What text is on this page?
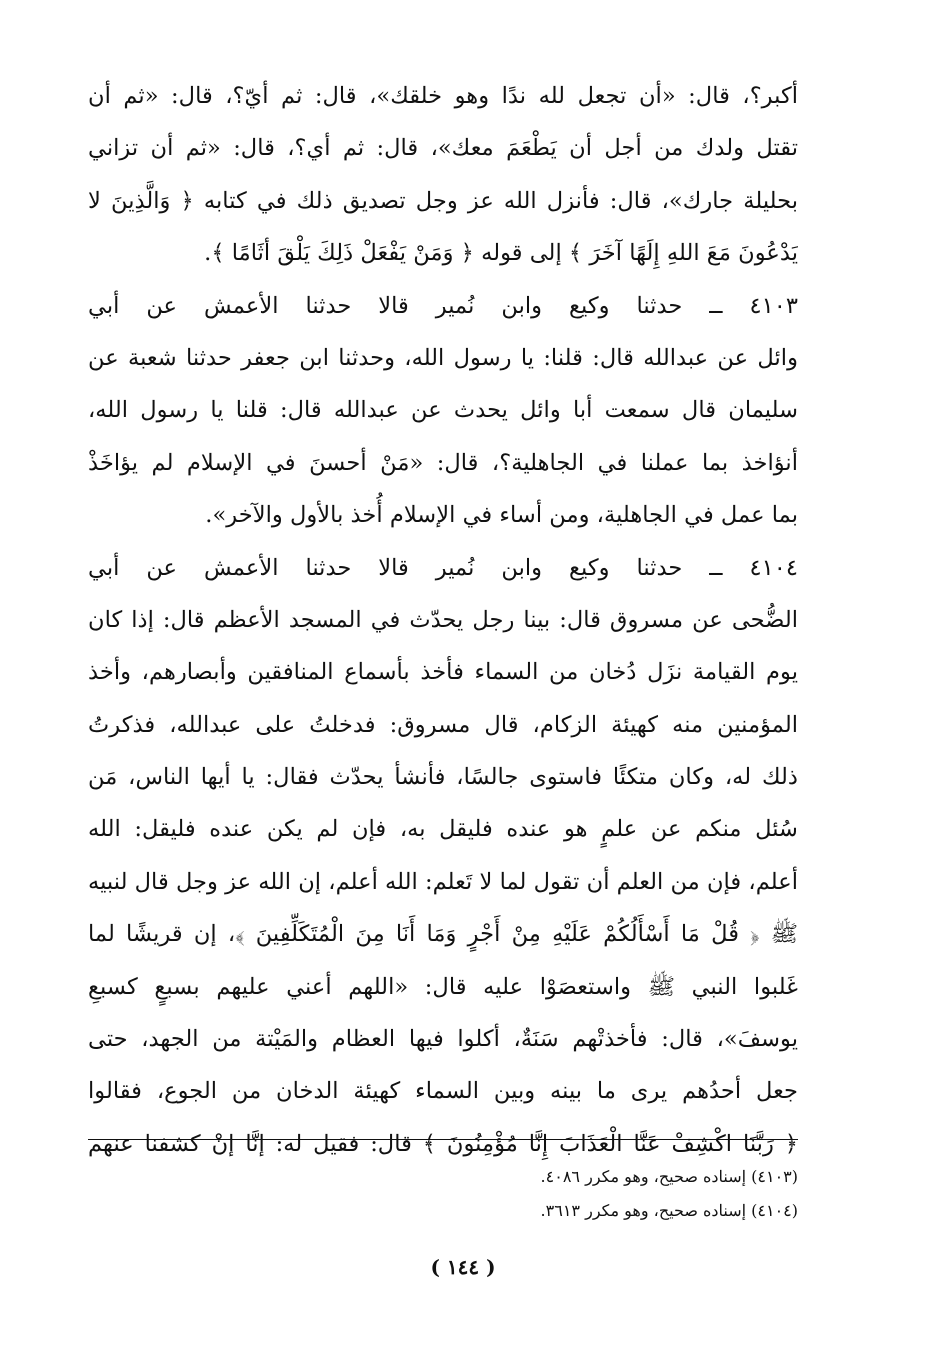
أكبر؟، قال: «أن تجعل لله ندًا وهو خلقك»، قال: ثم أيّ؟، قال: «ثم أن
تقتل ولدك من أجل أن يَطْعَمَ معك»، قال: ثم أي؟، قال: «ثم أن تزاني
بحليلة جارك»، قال: فأنزل الله عز وجل تصديق ذلك في كتابه ﴿ وَالَّذِينَ لا
يَدْعُونَ مَعَ اللهِ إِلَهًا آخَرَ ﴾ إلى قوله ﴿ وَمَنْ يَفْعَلْ ذَلِكَ يَلْقَ أثَامًا ﴾.
٤١٠٣ ــ حدثنا وكيع وابن نُمير قالا حدثنا الأعمش عن أبي
وائل عن عبدالله قال: قلنا: يا رسول الله، وحدثنا ابن جعفر حدثنا شعبة عن
سليمان قال سمعت أبا وائل يحدث عن عبدالله قال: قلنا يا رسول الله،
أنؤاخذ بما عملنا في الجاهلية؟، قال: «مَنْ أحسنَ في الإسلام لم يؤاخَذْ
بما عمل في الجاهلية، ومن أساء في الإسلام أُخذ بالأول والآخر».
٤١٠٤ ــ حدثنا وكيع وابن نُمير قالا حدثنا الأعمش عن أبي
الضُّحى عن مسروق قال: بينا رجل يحدّث في المسجد الأعظم قال: إذا كان
يوم القيامة نزَل دُخان من السماء فأخذ بأسماع المنافقين وأبصارهم، وأخذ
المؤمنين منه كهيئة الزكام، قال مسروق: فدخلتُ على عبدالله، فذكرتُ
ذلك له، وكان متكئًا فاستوى جالسًا، فأنشأ يحدّث فقال: يا أيها الناس، مَن
سُئل منكم عن علمٍ هو عنده فليقل به، فإن لم يكن عنده فليقل: الله
أعلم، فإن من العلم أن تقول لما لا تَعلم: الله أعلم، إن الله عز وجل قال لنبيه
ﷺ ﴿ قُلْ مَا أَسْأَلُكُمْ عَلَيْهِ مِنْ أَجْرٍ وَمَا أَنَا مِنَ الْمُتَكَلِّفِينَ ﴾، إن قريشًا لما
غَلبوا النبي ﷺ واستعصَوْا عليه قال: «اللهم أعني عليهم بسبعٍ كسبعِ
يوسفَ»، قال: فأخذتْهم سَنَةٌ، أكلوا فيها العظام والمَيْتة من الجهد، حتى
جعل أحدُهم يرى ما بينه وبين السماء كهيئة الدخان من الجوع، فقالوا
﴿ رَبَّنَا اكْشِفْ عَنَّا الْعَذَابَ إِنَّا مُؤْمِنُونَ ﴾ قال: فقيل له: إنَّا إنْ كشفنا عنهم
(٤١٠٣) إسناده صحيح، وهو مكرر ٤٠٨٦.
(٤١٠٤) إسناده صحيح، وهو مكرر ٣٦١٣.
( ١٤٤ )
